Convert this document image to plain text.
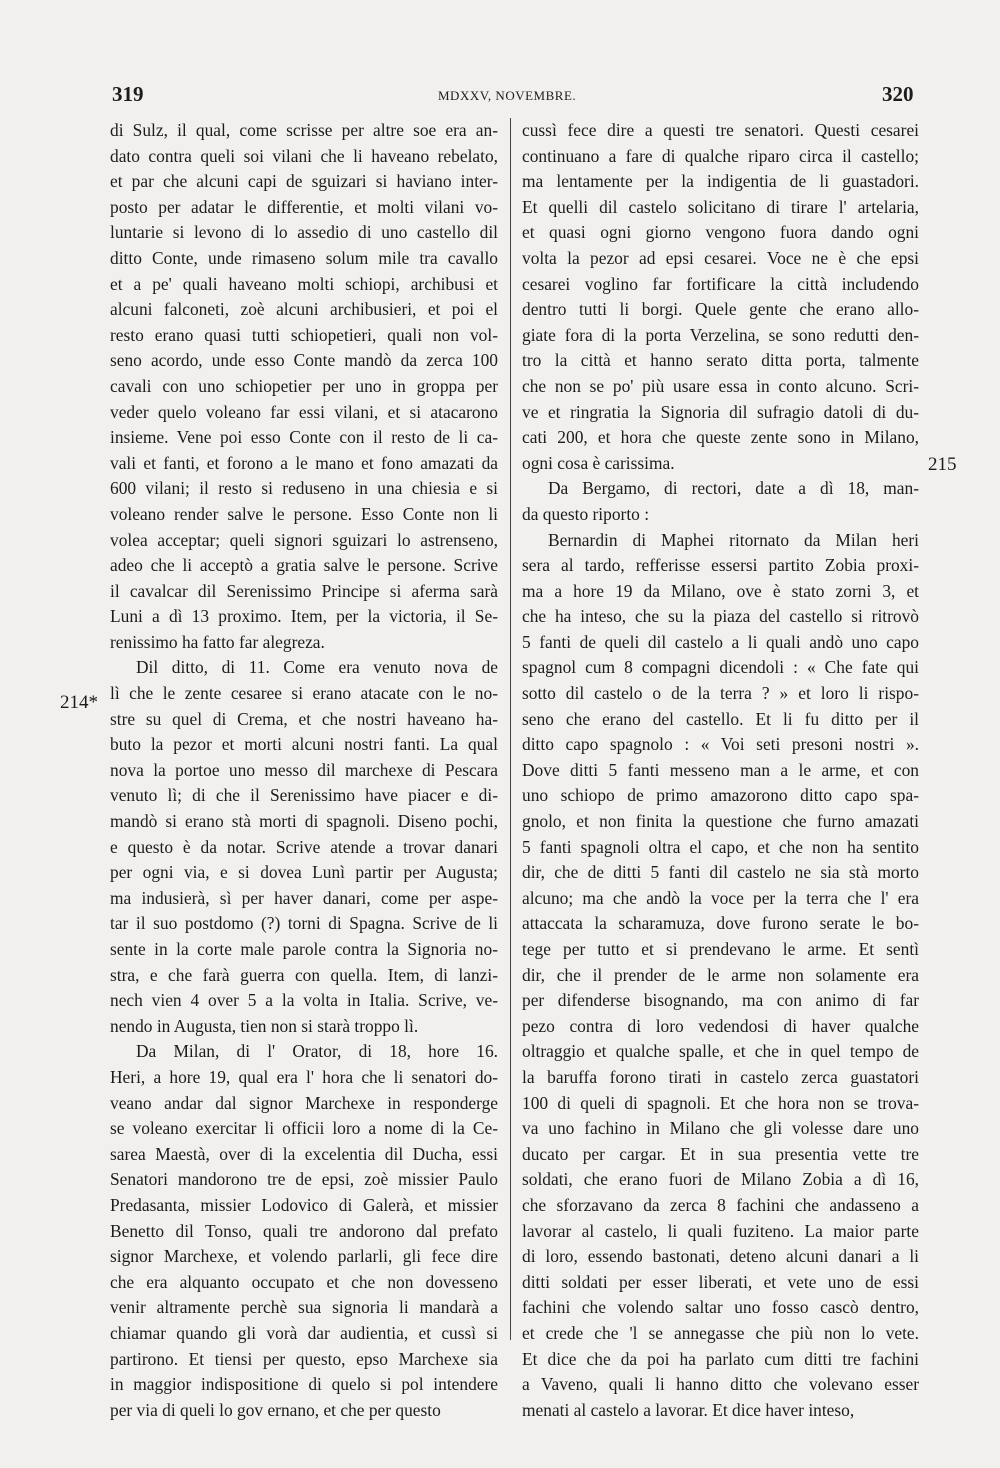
319	MDXXV, NOVEMBRE.	320
di Sulz, il qual, come scrisse per altre soe era an-
dato contra queli soi vilani che li haveano rebelato,
et par che alcuni capi de sguizari si haviano inter-
posto per adatar le differentie, et molti vilani vo-
luntarie si levono di lo assedio di uno castello dil
ditto Conte, unde rimaseno solum mile tra cavallo
et a pe' quali haveano molti schiopi, archibusi et
alcuni falconeti, zoè alcuni archibusieri, et poi el
resto erano quasi tutti schiopetieri, quali non vol-
seno acordo, unde esso Conte mandò da zerca 100
cavali con uno schiopetier per uno in groppa per
veder quelo voleano far essi vilani, et si atacarono
insieme. Vene poi esso Conte con il resto de li ca-
vali et fanti, et forono a le mano et fono amazati da
600 vilani; il resto si reduseno in una chiesia e si
voleano render salve le persone. Esso Conte non li
volea acceptar; queli signori sguizari lo astrenseno,
adeo che li acceptò a gratia salve le persone. Scrive
il cavalcar dil Serenissimo Principe si aferma sarà
Luni a dì 13 proximo. Item, per la victoria, il Se-
renissimo ha fatto far alegreza.
Dil ditto, di 11. Come era venuto nova de
lì che le zente cesaree si erano atacate con le no-
stre su quel di Crema, et che nostri haveano ha-
buto la pezor et morti alcuni nostri fanti. La qual
nova la portoe uno messo dil marchexe di Pescara
venuto lì; di che il Serenissimo have piacer e di-
mandò si erano stà morti di spagnoli. Diseno pochi,
e questo è da notar. Scrive atende a trovar danari
per ogni via, e si dovea Lunì partir per Augusta;
ma indusierà, sì per haver danari, come per aspe-
tar il suo postdomo (?) torni di Spagna. Scrive de li
sente in la corte male parole contra la Signoria no-
stra, e che farà guerra con quella. Item, di lanzi-
nech vien 4 over 5 a la volta in Italia. Scrive, ve-
nendo in Augusta, tien non si starà troppo lì.
Da Milan, di l' Orator, di 18, hore 16.
Heri, a hore 19, qual era l' hora che li senatori do-
veano andar dal signor Marchexe in responderge
se voleano exercitar li officii loro a nome di la Ce-
sarea Maestà, over di la excelentia dil Ducha, essi
Senatori mandorono tre de epsi, zoè missier Paulo
Predasanta, missier Lodovico di Galerà, et missier
Benetto dil Tonso, quali tre andorono dal prefato
signor Marchexe, et volendo parlarli, gli fece dire
che era alquanto occupato et che non dovesseno
venir altramente perchè sua signoria li mandarà a
chiamar quando gli vorà dar audientia, et cussì si
partirono. Et tiensi per questo, epso Marchexe sia
in maggior indispositione di quelo si pol intendere
per via di queli lo gov ernano, et che per questo
cussì fece dire a questi tre senatori. Questi cesarei
continuano a fare di qualche riparo circa il castello;
ma lentamente per la indigentia de li guastadori.
Et quelli dil castelo solicitano di tirare l' artelaria,
et quasi ogni giorno vengono fuora dando ogni
volta la pezor ad epsi cesarei. Voce ne è che epsi
cesarei voglino far fortificare la città includendo
dentro tutti li borgi. Quele gente che erano allo-
giate fora di la porta Verzelina, se sono redutti den-
tro la città et hanno serato ditta porta, talmente
che non se po' più usare essa in conto alcuno. Scri-
ve et ringratia la Signoria dil sufragio datoli di du-
cati 200, et hora che queste zente sono in Milano,
ogni cosa è carissima.
Da Bergamo, di rectori, date a dì 18, man-
da questo riporto :
Bernardin di Maphei ritornato da Milan heri
sera al tardo, refferisse essersi partito Zobia proxi-
ma a hore 19 da Milano, ove è stato zorni 3, et
che ha inteso, che su la piaza del castello si ritrovò
5 fanti de queli dil castelo a li quali andò uno capo
spagnol cum 8 compagni dicendoli : « Che fate qui
sotto dil castelo o de la terra ? » et loro li rispo-
seno che erano del castello. Et li fu ditto per il
ditto capo spagnolo : « Voi seti presoni nostri ».
Dove ditti 5 fanti messeno man a le arme, et con
uno schiopo de primo amazorono ditto capo spa-
gnolo, et non finita la questione che furno amazati
5 fanti spagnoli oltra el capo, et che non ha sentito
dir, che de ditti 5 fanti dil castelo ne sia stà morto
alcuno; ma che andò la voce per la terra che l' era
attaccata la scharamuza, dove furono serate le bo-
tege per tutto et si prendevano le arme. Et sentì
dir, che il prender de le arme non solamente era
per difenderse bisognando, ma con animo di far
pezo contra di loro vedendosi di haver qualche
oltraggio et qualche spalle, et che in quel tempo de
la baruffa forono tirati in castelo zerca guastatori
100 di queli di spagnoli. Et che hora non se trova-
va uno fachino in Milano che gli volesse dare uno
ducato per cargar. Et in sua presentia vette tre
soldati, che erano fuori de Milano Zobia a dì 16,
che sforzavano da zerca 8 fachini che andasseno a
lavorar al castelo, li quali fuziteno. La maior parte
di loro, essendo bastonati, deteno alcuni danari a li
ditti soldati per esser liberati, et vete uno de essi
fachini che volendo saltar uno fosso cascò dentro,
et crede che 'l se annegasse che più non lo vete.
Et dice che da poi ha parlato cum ditti tre fachini
a Vaveno, quali li hanno ditto che volevano esser
menati al castelo a lavorar. Et dice haver inteso,
214*
215
